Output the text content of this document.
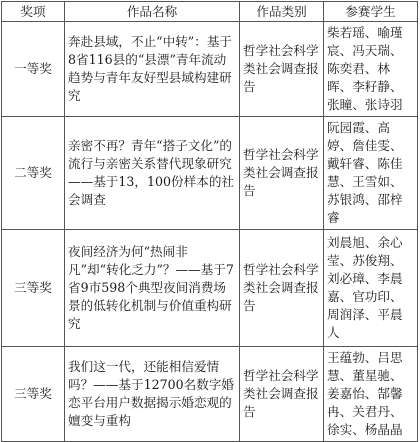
奖项	作品名称	作品类别	参赛学生
一等奖	奔赴县域，不止“中转”：基于8省116县的“县漂”青年流动趋势与青年友好型县域构建研究	哲学社会科学类社会调查报告	柴若瑶、喻瑾宸、冯天瑞、陈奕君、林晖、李籽静、张瞳、张诗羽
二等奖	亲密不再？青年“搭子文化”的流行与亲密关系替代现象研究——基于13，100份样本的社会调查	哲学社会科学类社会调查报告	阮园霞、高婷、詹佳雯、戴轩睿、陈佳慧、王雪如、苏银鸿、邵梓睿
三等奖	夜间经济为何“热闹非凡”却“转化乏力”？——基于7省9市598个典型夜间消费场景的低转化机制与价值重构研究	哲学社会科学类社会调查报告	刘晨旭、余心莹、苏俊翔、刘必璋、李晨嘉、官功印、周润泽、平晨人
三等奖	我们这一代，还能相信爱情吗？——基于12700名数字婚恋平台用户数据揭示婚恋观的嬗变与重构	哲学社会科学类社会调查报告	王蕴勃、吕思慧、董星驰、姜嘉怡、郜馨冉、关君丹、徐实、杨晶晶
